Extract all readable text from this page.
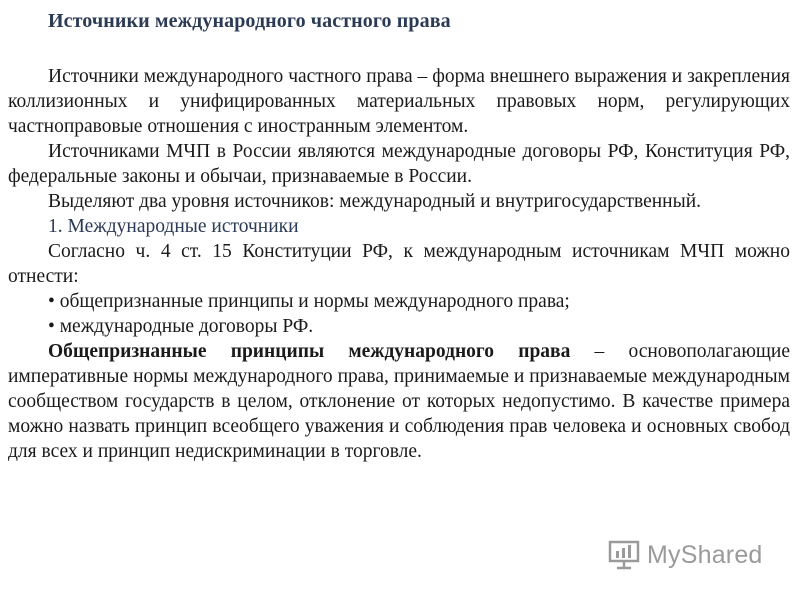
Источники международного частного права

Источники международного частного права – форма внешнего выражения и закрепления коллизионных и унифицированных материальных правовых норм, регулирующих частноправовые отношения с иностранным элементом.

Источниками МЧП в России являются международные договоры РФ, Конституция РФ, федеральные законы и обычаи, признаваемые в России.

Выделяют два уровня источников: международный и внутригосударственный.

1. Международные источники

Согласно ч. 4 ст. 15 Конституции РФ, к международным источникам МЧП можно отнести:

• общепризнанные принципы и нормы международного права;

• международные договоры РФ.

Общепризнанные принципы международного права – основополагающие императивные нормы международного права, принимаемые и признаваемые международным сообществом государств в целом, отклонение от которых недопустимо. В качестве примера можно назвать принцип всеобщего уважения и соблюдения прав человека и основных свобод для всех и принцип недискриминации в торговле.

MyShared
